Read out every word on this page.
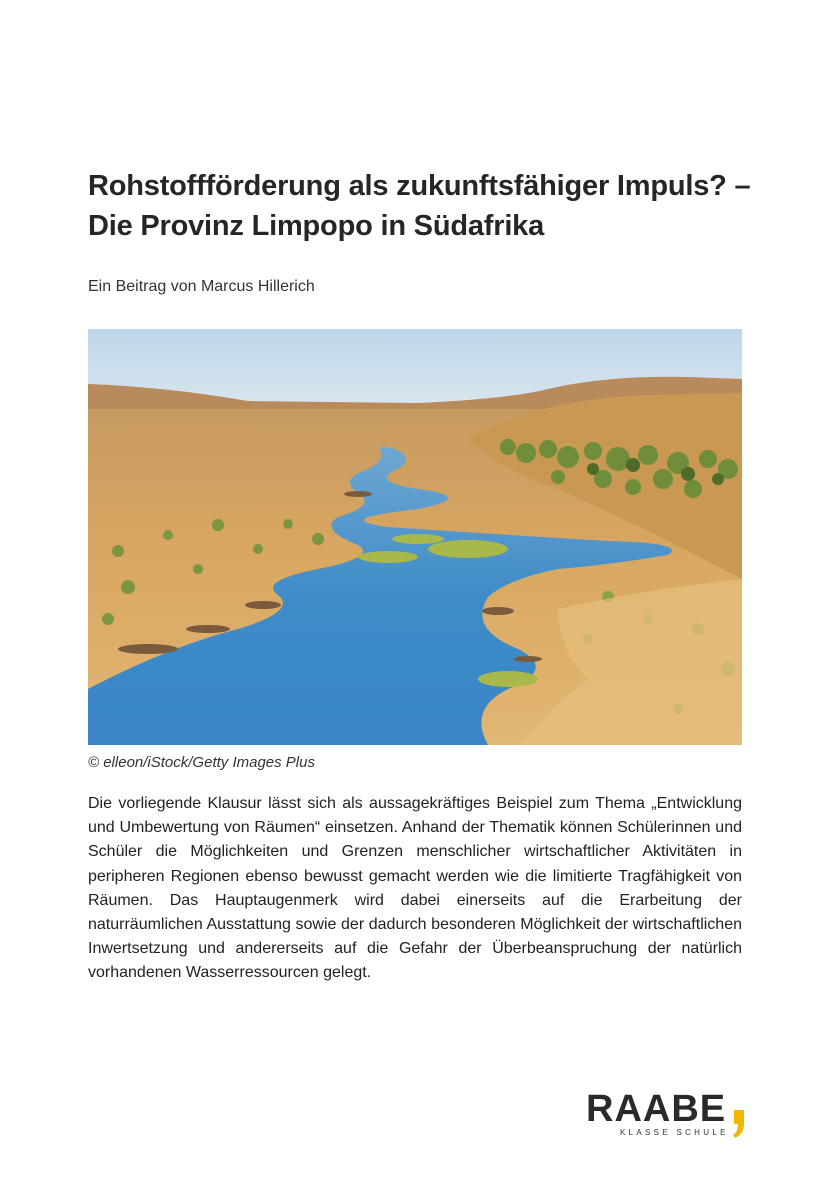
Rohstoffförderung als zukunftsfähiger Impuls? –
Die Provinz Limpopo in Südafrika

Ein Beitrag von Marcus Hillerich

© elleon/iStock/Getty Images Plus

Die vorliegende Klausur lässt sich als aussagekräftiges Beispiel zum Thema „Entwicklung und Umbewertung von Räumen“ einsetzen. Anhand der Thematik können Schülerinnen und Schüler die Möglichkeiten und Grenzen menschlicher wirtschaftlicher Aktivitäten in peripheren Regionen ebenso bewusst gemacht werden wie die limitierte Tragfähigkeit von Räumen. Das Hauptaugenmerk wird dabei einerseits auf die Erarbeitung der naturräumlichen Ausstattung sowie der dadurch besonderen Möglichkeit der wirtschaftlichen Inwertsetzung und andererseits auf die Gefahr der Überbeanspruchung der natürlich vorhandenen Wasserressourcen gelegt.

RAABE
KLASSE SCHULE
